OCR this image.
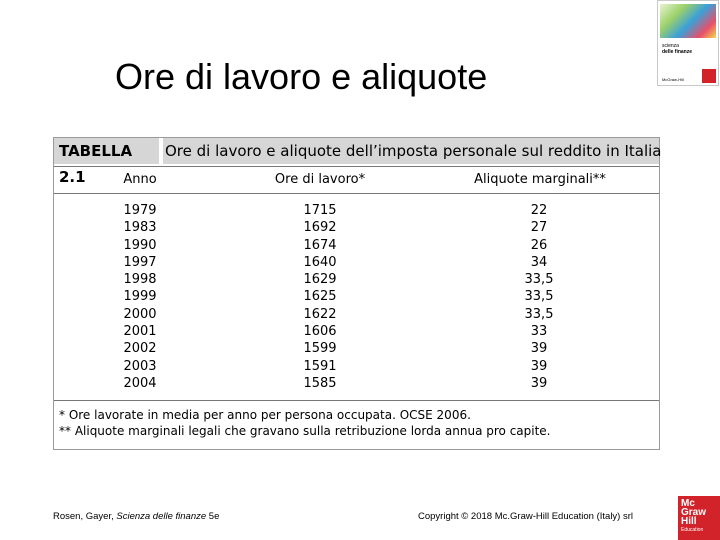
Ore di lavoro e aliquote
scienza
delle finanze
McGraw-Hill
TABELLA 2.1
Ore di lavoro e aliquote dell’imposta personale sul reddito in Italia
Anno	Ore di lavoro*	Aliquote marginali**
1979	1715	22
1983	1692	27
1990	1674	26
1997	1640	34
1998	1629	33,5
1999	1625	33,5
2000	1622	33,5
2001	1606	33
2002	1599	39
2003	1591	39
2004	1585	39
* Ore lavorate in media per anno per persona occupata. OCSE 2006.
** Aliquote marginali legali che gravano sulla retribuzione lorda annua pro capite.
Rosen, Gayer, Scienza delle finanze 5e	Copyright © 2018 Mc.Graw-Hill Education (Italy) srl
Mc
Graw
Hill
Education
